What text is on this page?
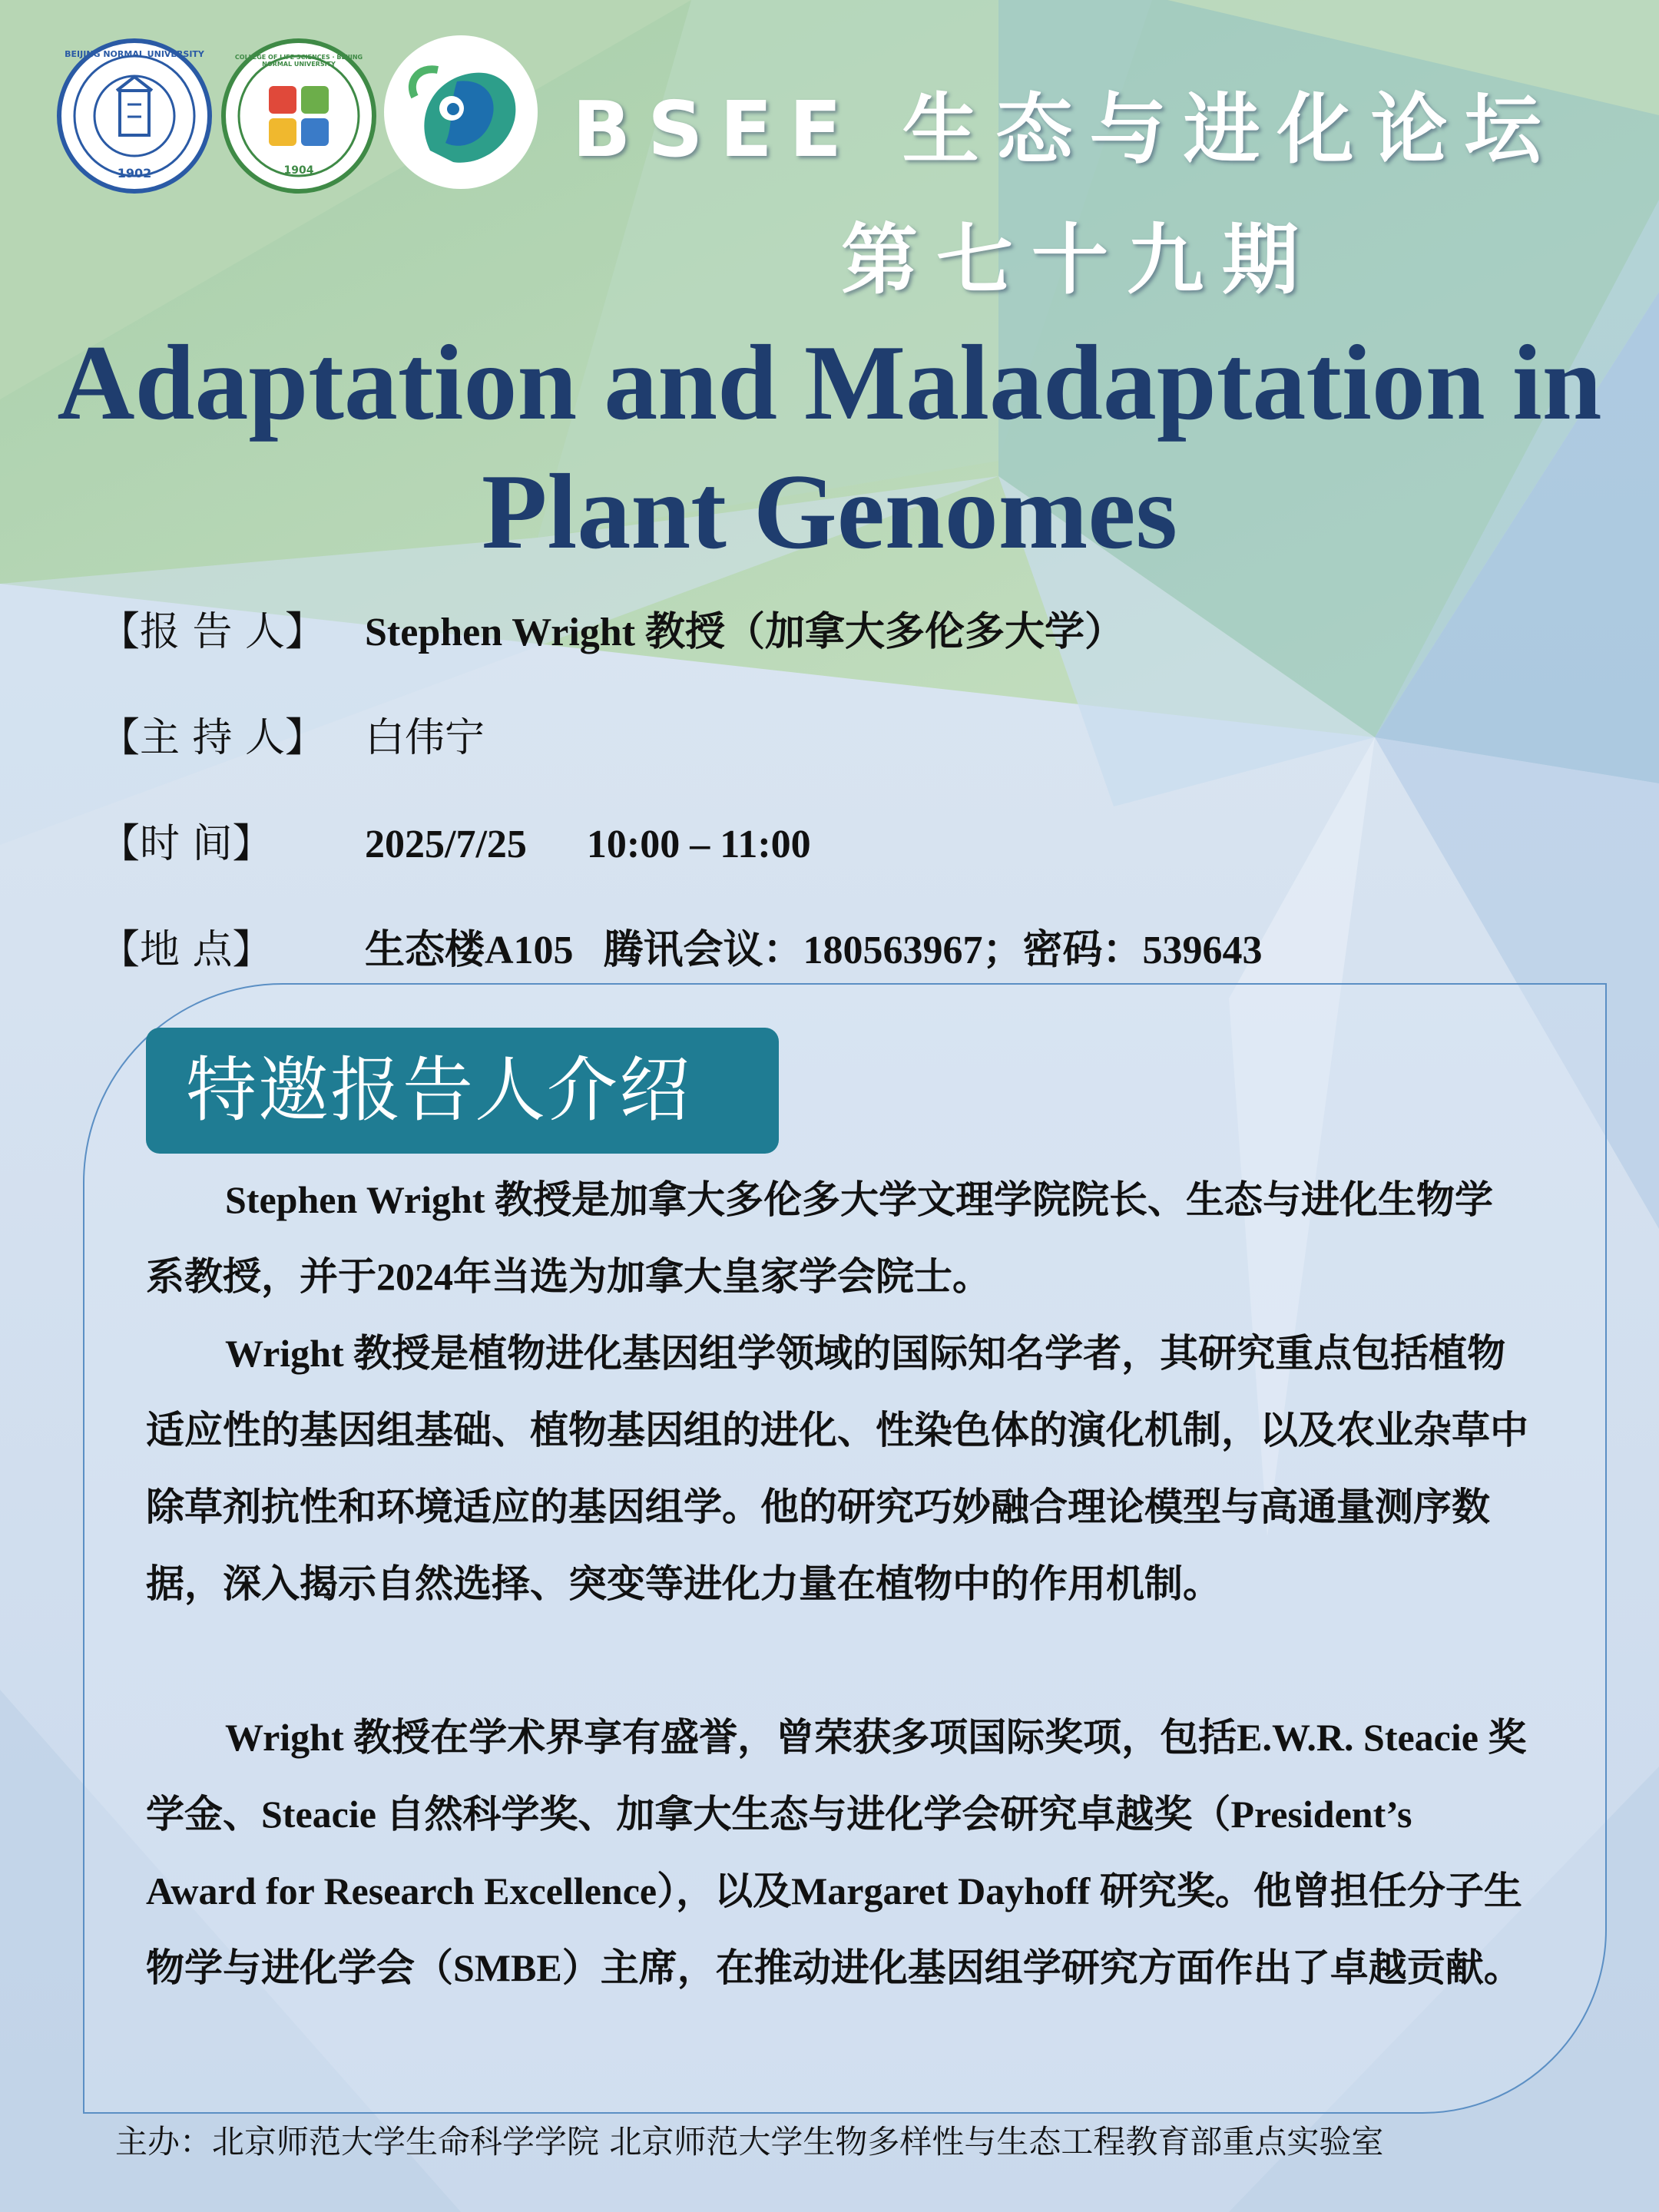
BEIJING NORMAL UNIVERSITY
1902
COLLEGE OF LIFE SCIENCES · BEIJING NORMAL UNIVERSITY
1904	BSEE 生态与进化论坛
第七十九期
Adaptation and Maladaptation in
Plant Genomes
【报 告 人】 Stephen Wright 教授（加拿大多伦多大学）
【主 持 人】 白伟宁
【时 间】 2025/7/25      10:00 – 11:00
【地 点】 生态楼A105   腾讯会议：180563967；密码：539643
特邀报告人介绍
Stephen Wright 教授是加拿大多伦多大学文理学院院长、生态与进化生物学系教授，并于2024年当选为加拿大皇家学会院士。
Wright 教授是植物进化基因组学领域的国际知名学者，其研究重点包括植物适应性的基因组基础、植物基因组的进化、性染色体的演化机制，以及农业杂草中除草剂抗性和环境适应的基因组学。他的研究巧妙融合理论模型与高通量测序数据，深入揭示自然选择、突变等进化力量在植物中的作用机制。
Wright 教授在学术界享有盛誉，曾荣获多项国际奖项，包括E.W.R. Steacie 奖学金、Steacie 自然科学奖、加拿大生态与进化学会研究卓越奖（President’s Award for Research Excellence），以及Margaret Dayhoff 研究奖。他曾担任分子生物学与进化学会（SMBE）主席，在推动进化基因组学研究方面作出了卓越贡献。
主办：北京师范大学生命科学学院 北京师范大学生物多样性与生态工程教育部重点实验室
